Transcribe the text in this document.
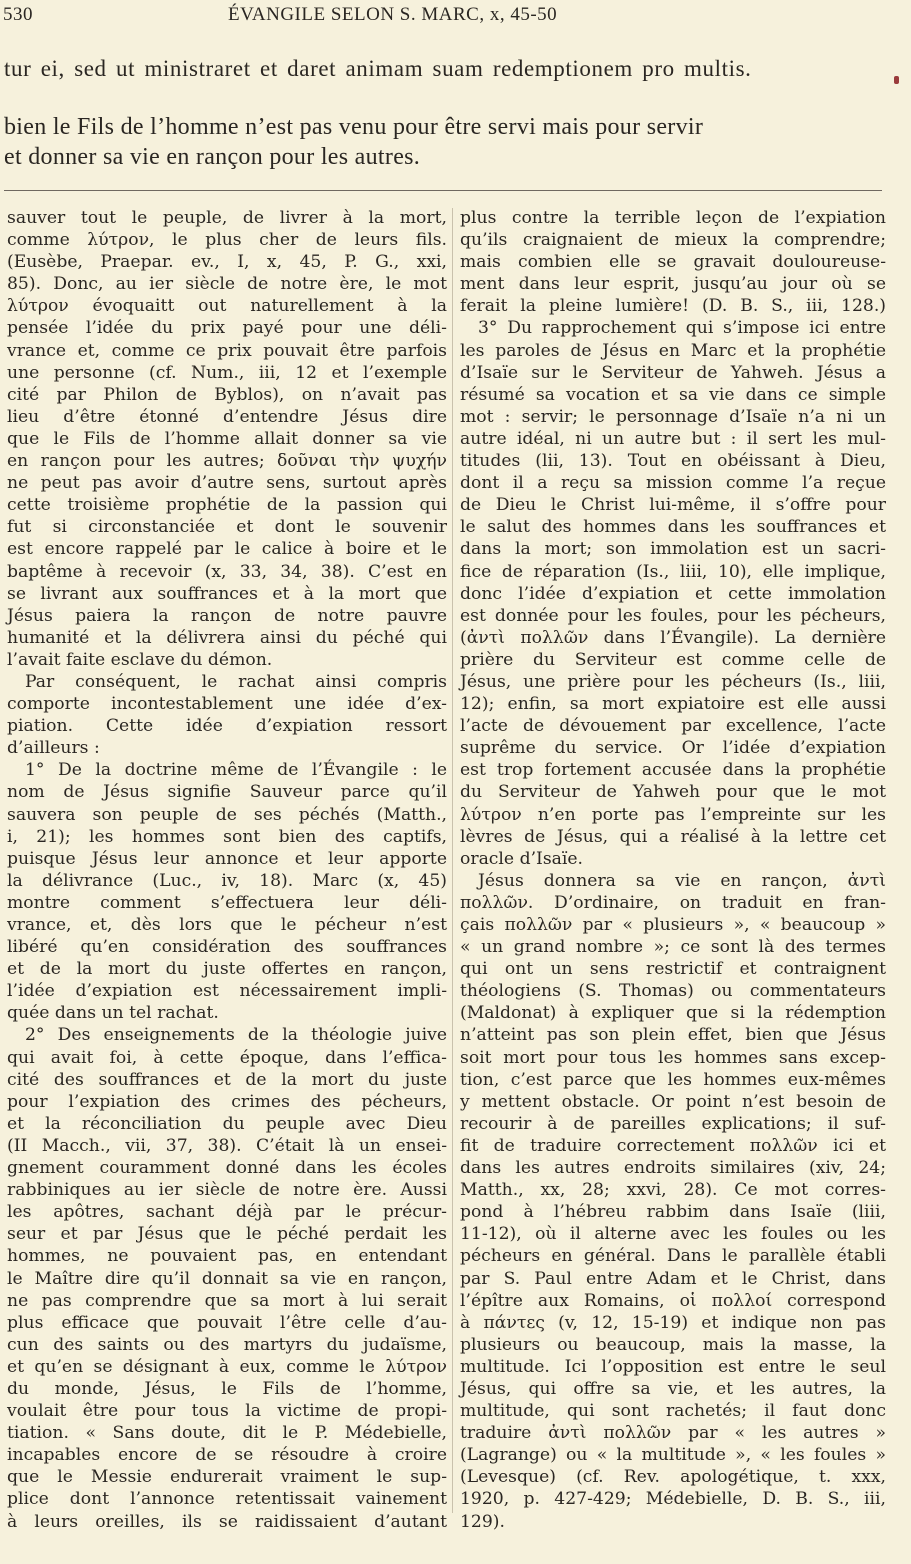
530	ÉVANGILE SELON S. MARC, x, 45-50
tur ei, sed ut ministraret et daret animam suam redemptionem pro multis.
bien le Fils de l’homme n’est pas venu pour être servi mais pour servir
et donner sa vie en rançon pour les autres.
sauver tout le peuple, de livrer à la mort,
comme λύτρον, le plus cher de leurs fils.
(Eusèbe, Praepar. ev., I, x, 45, P. G., xxi,
85). Donc, au ier siècle de notre ère, le mot
λύτρον évoquaitt out naturellement à la
pensée l’idée du prix payé pour une déli-
vrance et, comme ce prix pouvait être parfois
une personne (cf. Num., iii, 12 et l’exemple
cité par Philon de Byblos), on n’avait pas
lieu d’être étonné d’entendre Jésus dire
que le Fils de l’homme allait donner sa vie
en rançon pour les autres; δοῦναι τὴν ψυχήν
ne peut pas avoir d’autre sens, surtout après
cette troisième prophétie de la passion qui
fut si circonstanciée et dont le souvenir
est encore rappelé par le calice à boire et le
baptême à recevoir (x, 33, 34, 38). C’est en
se livrant aux souffrances et à la mort que
Jésus paiera la rançon de notre pauvre
humanité et la délivrera ainsi du péché qui
l’avait faite esclave du démon.
Par conséquent, le rachat ainsi compris
comporte incontestablement une idée d’ex-
piation. Cette idée d’expiation ressort
d’ailleurs :
1° De la doctrine même de l’Évangile : le
nom de Jésus signifie Sauveur parce qu’il
sauvera son peuple de ses péchés (Matth.,
i, 21); les hommes sont bien des captifs,
puisque Jésus leur annonce et leur apporte
la délivrance (Luc., iv, 18). Marc (x, 45)
montre comment s’effectuera leur déli-
vrance, et, dès lors que le pécheur n’est
libéré qu’en considération des souffrances
et de la mort du juste offertes en rançon,
l’idée d’expiation est nécessairement impli-
quée dans un tel rachat.
2° Des enseignements de la théologie juive
qui avait foi, à cette époque, dans l’effica-
cité des souffrances et de la mort du juste
pour l’expiation des crimes des pécheurs,
et la réconciliation du peuple avec Dieu
(II Macch., vii, 37, 38). C’était là un ensei-
gnement couramment donné dans les écoles
rabbiniques au ier siècle de notre ère. Aussi
les apôtres, sachant déjà par le précur-
seur et par Jésus que le péché perdait les
hommes, ne pouvaient pas, en entendant
le Maître dire qu’il donnait sa vie en rançon,
ne pas comprendre que sa mort à lui serait
plus efficace que pouvait l’être celle d’au-
cun des saints ou des martyrs du judaïsme,
et qu’en se désignant à eux, comme le λύτρον
du monde, Jésus, le Fils de l’homme,
voulait être pour tous la victime de propi-
tiation. « Sans doute, dit le P. Médebielle,
incapables encore de se résoudre à croire
que le Messie endurerait vraiment le sup-
plice dont l’annonce retentissait vainement
à leurs oreilles, ils se raidissaient d’autant
plus contre la terrible leçon de l’expiation
qu’ils craignaient de mieux la comprendre;
mais combien elle se gravait douloureuse-
ment dans leur esprit, jusqu’au jour où se
ferait la pleine lumière! (D. B. S., iii, 128.)
3° Du rapprochement qui s’impose ici entre
les paroles de Jésus en Marc et la prophétie
d’Isaïe sur le Serviteur de Yahweh. Jésus a
résumé sa vocation et sa vie dans ce simple
mot : servir; le personnage d’Isaïe n’a ni un
autre idéal, ni un autre but : il sert les mul-
titudes (lii, 13). Tout en obéissant à Dieu,
dont il a reçu sa mission comme l’a reçue
de Dieu le Christ lui-même, il s’offre pour
le salut des hommes dans les souffrances et
dans la mort; son immolation est un sacri-
fice de réparation (Is., liii, 10), elle implique,
donc l’idée d’expiation et cette immolation
est donnée pour les foules, pour les pécheurs,
(ἀντὶ πολλῶν dans l’Évangile). La dernière
prière du Serviteur est comme celle de
Jésus, une prière pour les pécheurs (Is., liii,
12); enfin, sa mort expiatoire est elle aussi
l’acte de dévouement par excellence, l’acte
suprême du service. Or l’idée d’expiation
est trop fortement accusée dans la prophétie
du Serviteur de Yahweh pour que le mot
λύτρον n’en porte pas l’empreinte sur les
lèvres de Jésus, qui a réalisé à la lettre cet
oracle d’Isaïe.
Jésus donnera sa vie en rançon, ἀντὶ
πολλῶν. D’ordinaire, on traduit en fran-
çais πολλῶν par « plusieurs », « beaucoup »
« un grand nombre »; ce sont là des termes
qui ont un sens restrictif et contraignent
théologiens (S. Thomas) ou commentateurs
(Maldonat) à expliquer que si la rédemption
n’atteint pas son plein effet, bien que Jésus
soit mort pour tous les hommes sans excep-
tion, c’est parce que les hommes eux-mêmes
y mettent obstacle. Or point n’est besoin de
recourir à de pareilles explications; il suf-
fit de traduire correctement πολλῶν ici et
dans les autres endroits similaires (xiv, 24;
Matth., xx, 28; xxvi, 28). Ce mot corres-
pond à l’hébreu rabbim dans Isaïe (liii,
11-12), où il alterne avec les foules ou les
pécheurs en général. Dans le parallèle établi
par S. Paul entre Adam et le Christ, dans
l’épître aux Romains, οἱ πολλοί correspond
à πάντες (v, 12, 15-19) et indique non pas
plusieurs ou beaucoup, mais la masse, la
multitude. Ici l’opposition est entre le seul
Jésus, qui offre sa vie, et les autres, la
multitude, qui sont rachetés; il faut donc
traduire ἀντὶ πολλῶν par « les autres »
(Lagrange) ou « la multitude », « les foules »
(Levesque) (cf. Rev. apologétique, t. xxx,
1920, p. 427-429; Médebielle, D. B. S., iii,
129).
